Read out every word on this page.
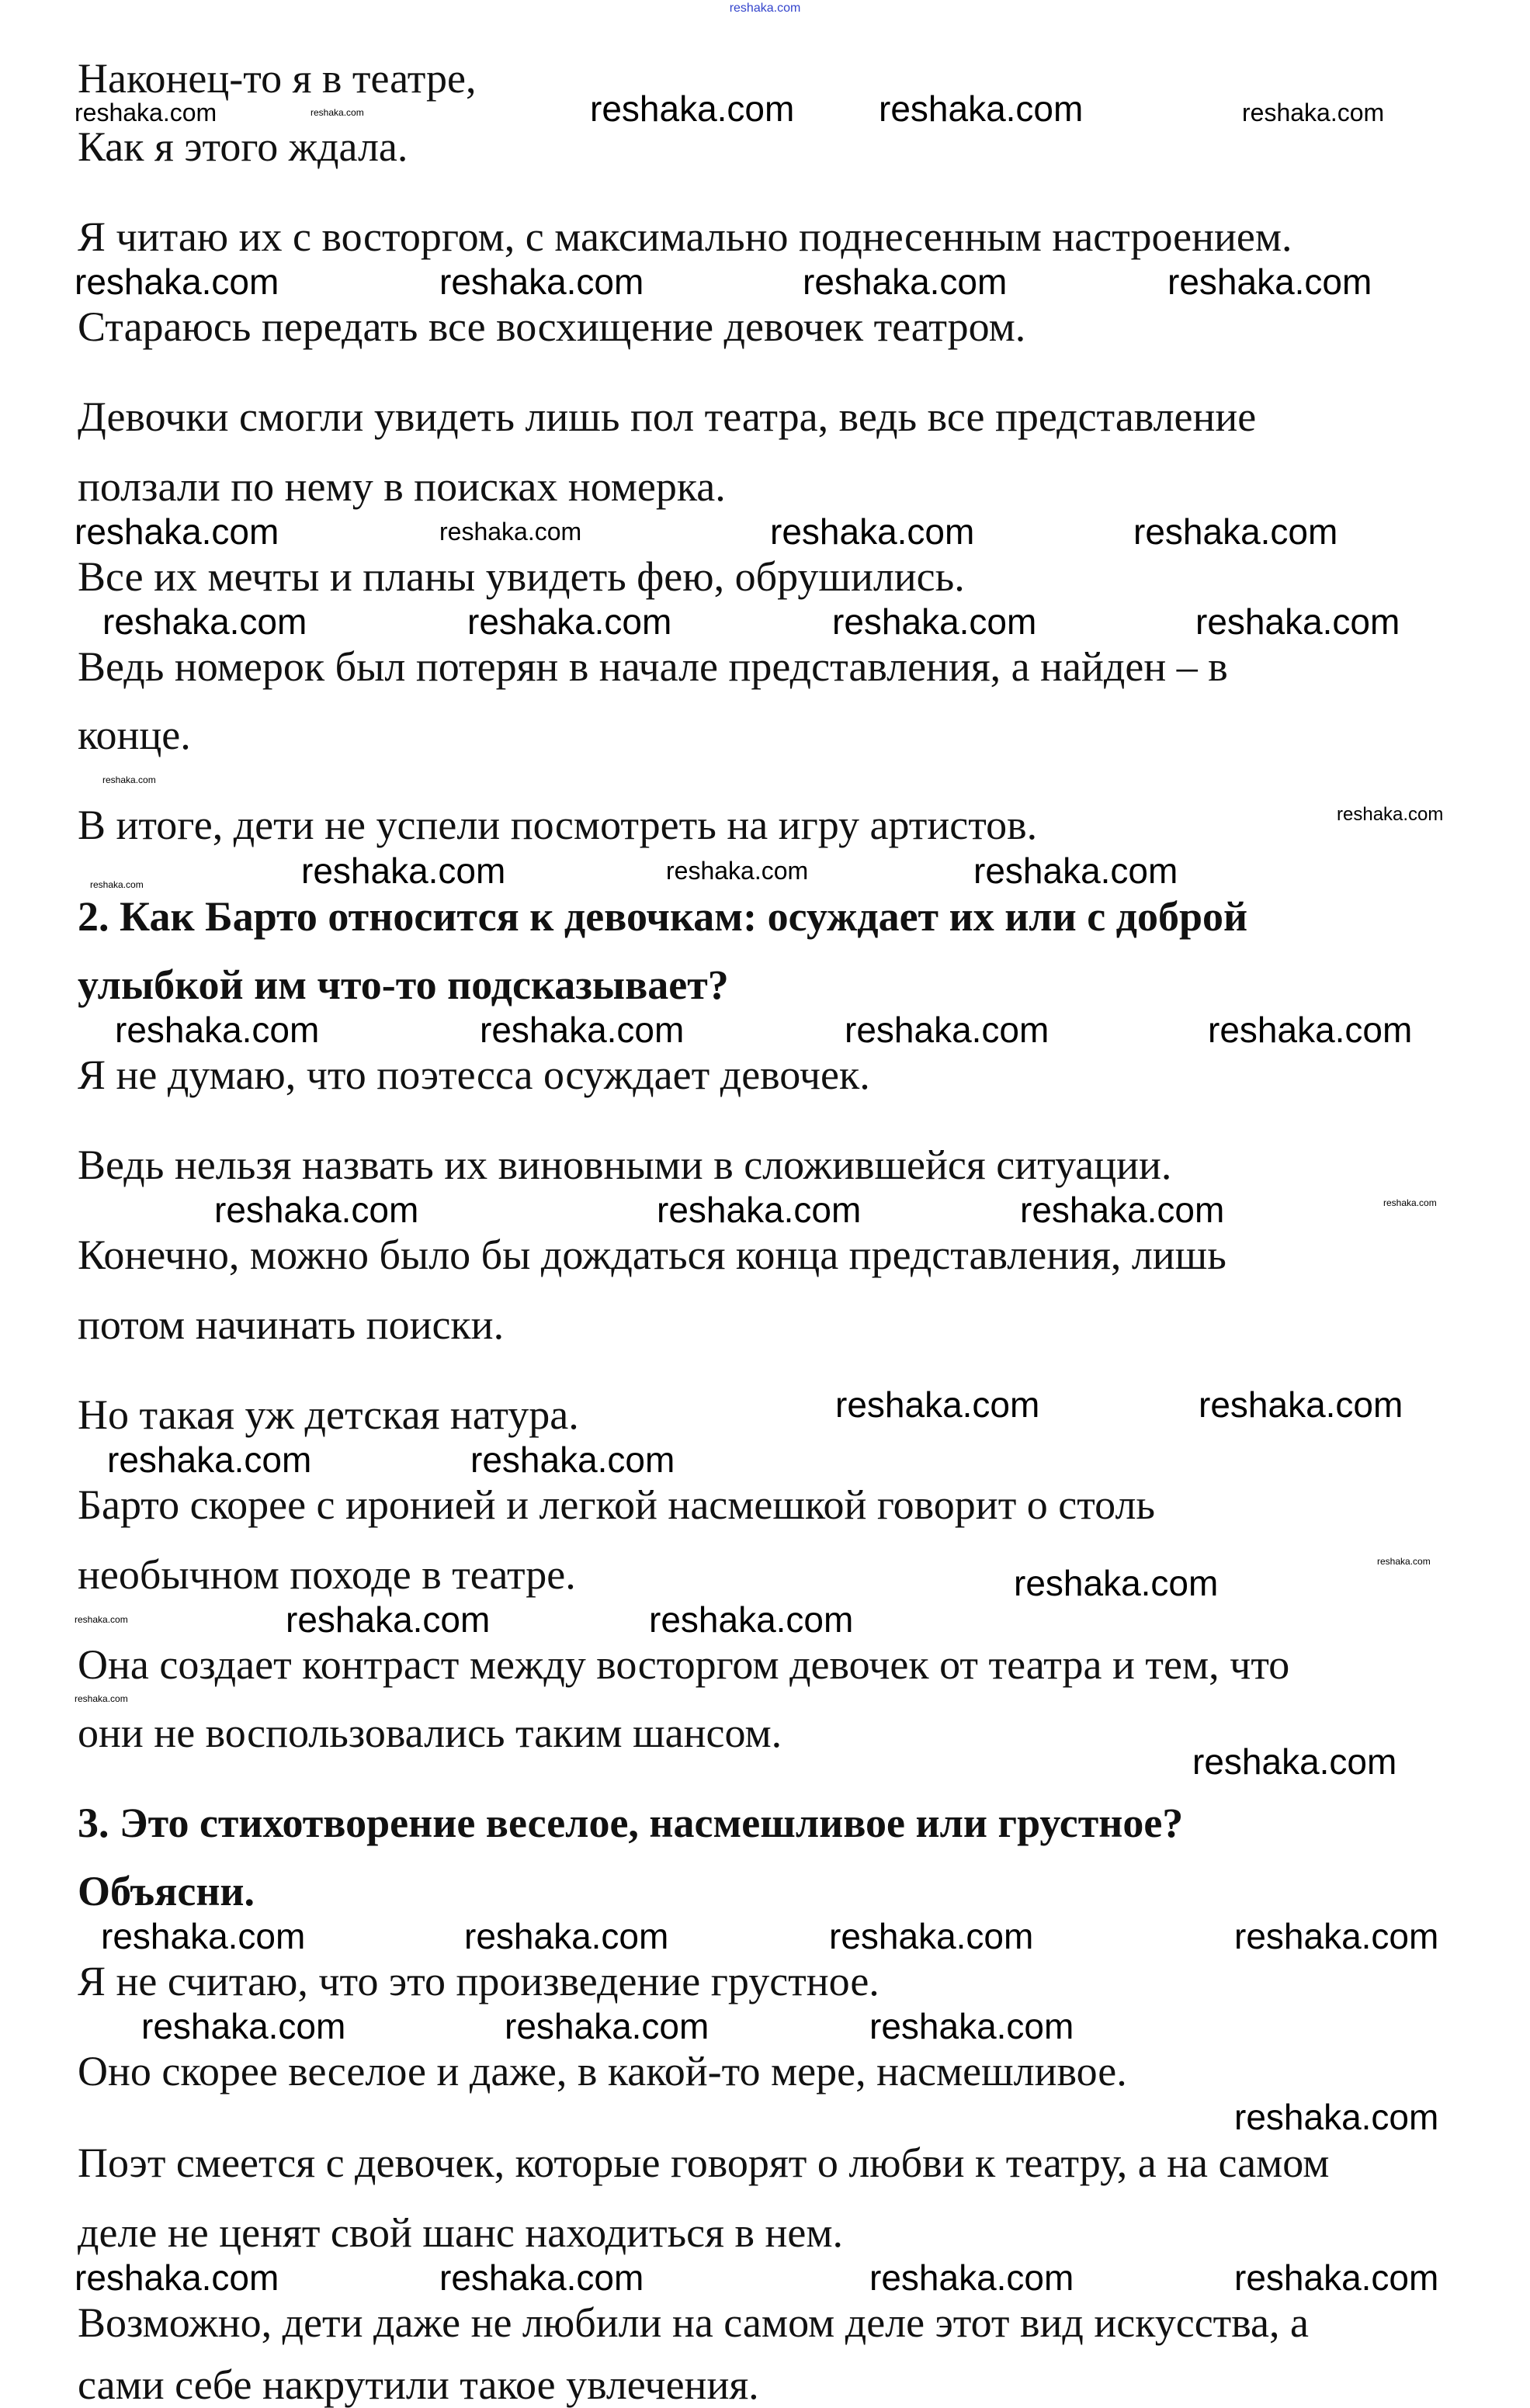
reshaka.com
Наконец-то я в театре,
Как я этого ждала.
Я читаю их с восторгом, с максимально поднесенным настроением.
Стараюсь передать все восхищение девочек театром.
Девочки смогли увидеть лишь пол театра, ведь все представление
ползали по нему в поисках номерка.
Все их мечты и планы увидеть фею, обрушились.
Ведь номерок был потерян в начале представления, а найден – в
конце.
В итоге, дети не успели посмотреть на игру артистов.
2. Как Барто относится к девочкам: осуждает их или с доброй
улыбкой им что-то подсказывает?
Я не думаю, что поэтесса осуждает девочек.
Ведь нельзя назвать их виновными в сложившейся ситуации.
Конечно, можно было бы дождаться конца представления, лишь
потом начинать поиски.
Но такая уж детская натура.
Барто скорее с иронией и легкой насмешкой говорит о столь
необычном походе в театре.
Она создает контраст между восторгом девочек от театра и тем, что
они не воспользовались таким шансом.
3. Это стихотворение веселое, насмешливое или грустное?
Объясни.
Я не считаю, что это произведение грустное.
Оно скорее веселое и даже, в какой-то мере, насмешливое.
Поэт смеется с девочек, которые говорят о любви к театру, а на самом
деле не ценят свой шанс находиться в нем.
Возможно, дети даже не любили на самом деле этот вид искусства, а
сами себе накрутили такое увлечения.
reshaka.com	reshaka.com	reshaka.com reshaka.com	reshaka.com
reshaka.com	reshaka.com	reshaka.com	reshaka.com
reshaka.com	reshaka.com	reshaka.com	reshaka.com
reshaka.com	reshaka.com	reshaka.com	reshaka.com
reshaka.com
reshaka.com
reshaka.com	reshaka.com	reshaka.com
reshaka.com
reshaka.com	reshaka.com	reshaka.com	reshaka.com
reshaka.com	reshaka.com	reshaka.com	reshaka.com
reshaka.com	reshaka.com
reshaka.com	reshaka.com
reshaka.com
reshaka.com
reshaka.com	reshaka.com	reshaka.com
reshaka.com
reshaka.com
reshaka.com	reshaka.com	reshaka.com	reshaka.com
reshaka.com	reshaka.com	reshaka.com
reshaka.com
reshaka.com	reshaka.com	reshaka.com	reshaka.com
